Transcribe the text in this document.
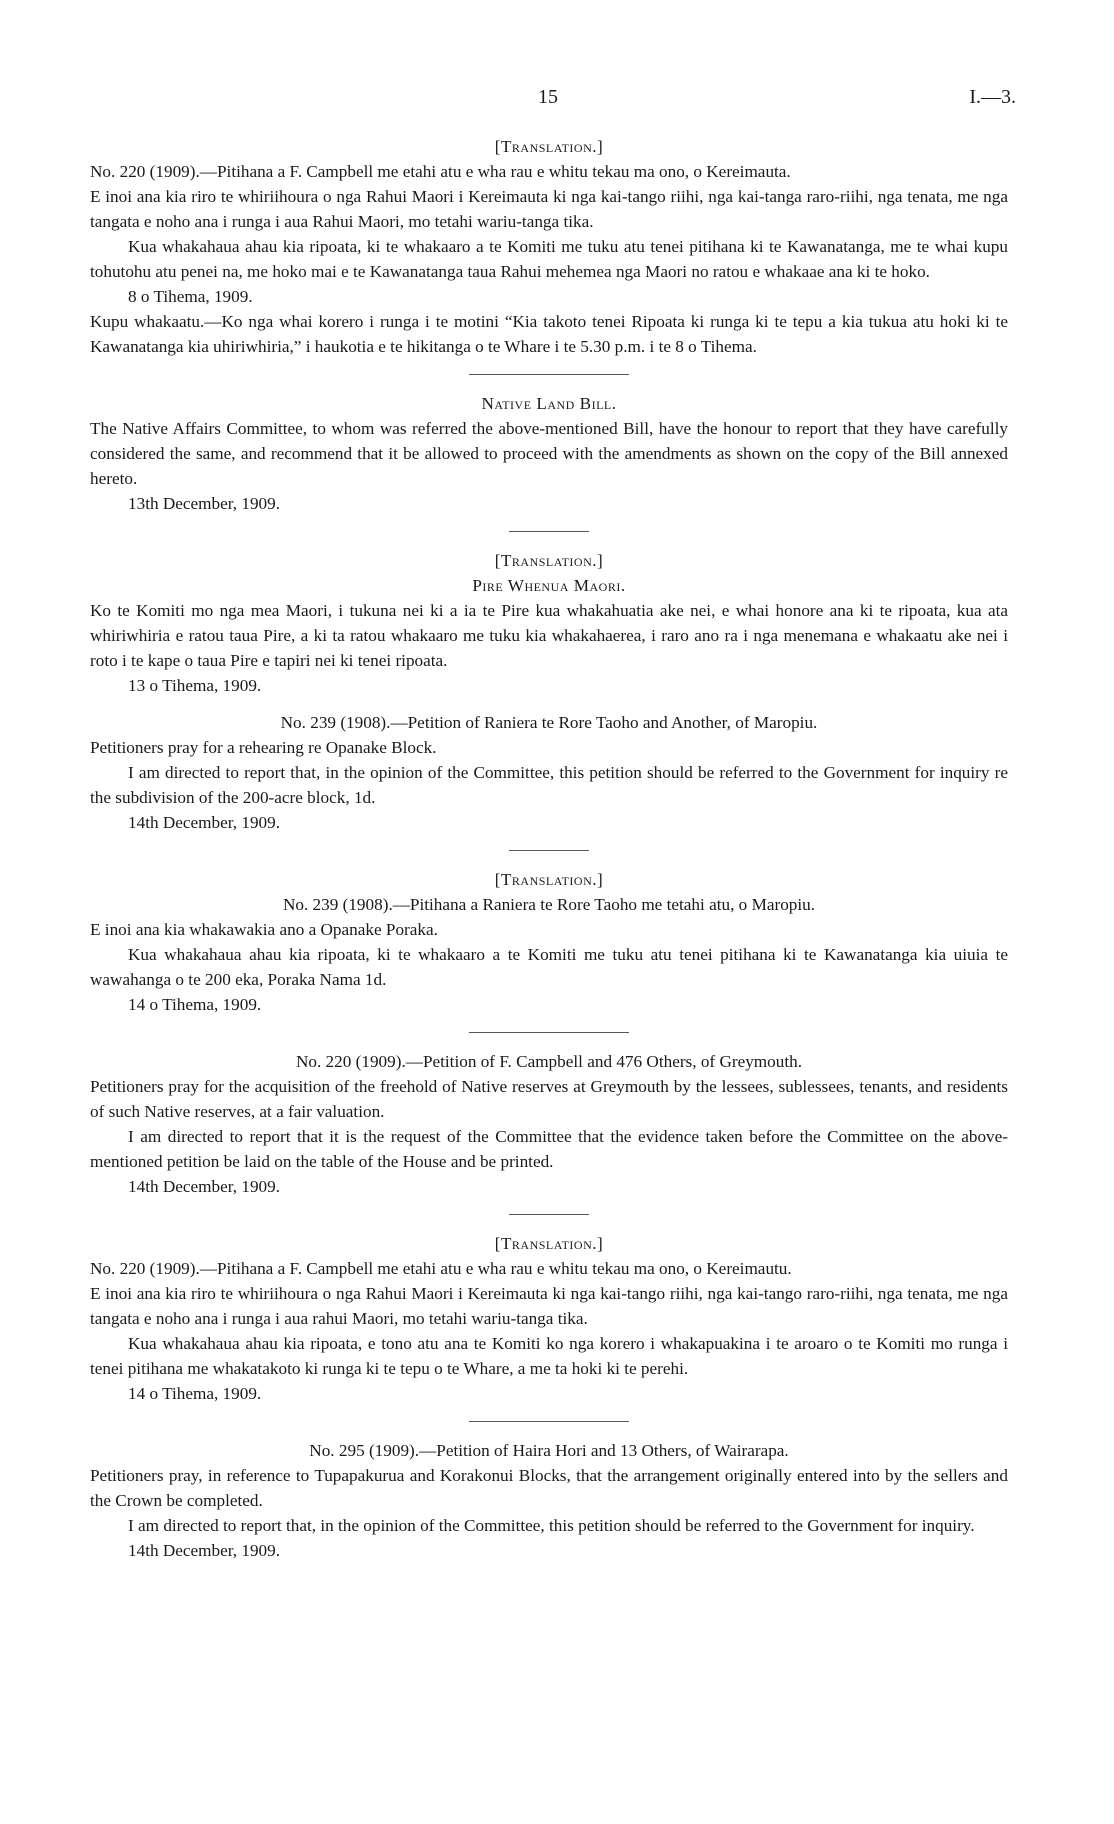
15	I.—3.

[Translation.]

No. 220 (1909).—Pitihana a F. Campbell me etahi atu e wha rau e whitu tekau ma ono, o Kereimauta.

E inoi ana kia riro te whiriihoura o nga Rahui Maori i Kereimauta ki nga kai-tango riihi, nga kai-tanga raro-riihi, nga tenata, me nga tangata e noho ana i runga i aua Rahui Maori, mo tetahi wariu-tanga tika.

Kua whakahaua ahau kia ripoata, ki te whakaaro a te Komiti me tuku atu tenei pitihana ki te Kawanatanga, me te whai kupu tohutohu atu penei na, me hoko mai e te Kawanatanga taua Rahui mehemea nga Maori no ratou e whakaae ana ki te hoko.

8 o Tihema, 1909.

Kupu whakaatu.—Ko nga whai korero i runga i te motini “Kia takoto tenei Ripoata ki runga ki te tepu a kia tukua atu hoki ki te Kawanatanga kia uhiriwhiria,” i haukotia e te hikitanga o te Whare i te 5.30 p.m. i te 8 o Tihema.

Native Land Bill.

The Native Affairs Committee, to whom was referred the above-mentioned Bill, have the honour to report that they have carefully considered the same, and recommend that it be allowed to proceed with the amendments as shown on the copy of the Bill annexed hereto.

13th December, 1909.

[Translation.]

Pire Whenua Maori.

Ko te Komiti mo nga mea Maori, i tukuna nei ki a ia te Pire kua whakahuatia ake nei, e whai honore ana ki te ripoata, kua ata whiriwhiria e ratou taua Pire, a ki ta ratou whakaaro me tuku kia whakahaerea, i raro ano ra i nga menemana e whakaatu ake nei i roto i te kape o taua Pire e tapiri nei ki tenei ripoata.

13 o Tihema, 1909.

No. 239 (1908).—Petition of Raniera te Rore Taoho and Another, of Maropiu.

Petitioners pray for a rehearing re Opanake Block.

I am directed to report that, in the opinion of the Committee, this petition should be referred to the Government for inquiry re the subdivision of the 200-acre block, 1d.

14th December, 1909.

[Translation.]

No. 239 (1908).—Pitihana a Raniera te Rore Taoho me tetahi atu, o Maropiu.

E inoi ana kia whakawakia ano a Opanake Poraka.

Kua whakahaua ahau kia ripoata, ki te whakaaro a te Komiti me tuku atu tenei pitihana ki te Kawanatanga kia uiuia te wawahanga o te 200 eka, Poraka Nama 1d.

14 o Tihema, 1909.

No. 220 (1909).—Petition of F. Campbell and 476 Others, of Greymouth.

Petitioners pray for the acquisition of the freehold of Native reserves at Greymouth by the lessees, sublessees, tenants, and residents of such Native reserves, at a fair valuation.

I am directed to report that it is the request of the Committee that the evidence taken before the Committee on the above-mentioned petition be laid on the table of the House and be printed.

14th December, 1909.

[Translation.]

No. 220 (1909).—Pitihana a F. Campbell me etahi atu e wha rau e whitu tekau ma ono, o Kereimautu.

E inoi ana kia riro te whiriihoura o nga Rahui Maori i Kereimauta ki nga kai-tango riihi, nga kai-tango raro-riihi, nga tenata, me nga tangata e noho ana i runga i aua rahui Maori, mo tetahi wariu-tanga tika.

Kua whakahaua ahau kia ripoata, e tono atu ana te Komiti ko nga korero i whakapuakina i te aroaro o te Komiti mo runga i tenei pitihana me whakatakoto ki runga ki te tepu o te Whare, a me ta hoki ki te perehi.

14 o Tihema, 1909.

No. 295 (1909).—Petition of Haira Hori and 13 Others, of Wairarapa.

Petitioners pray, in reference to Tupapakurua and Korakonui Blocks, that the arrangement originally entered into by the sellers and the Crown be completed.

I am directed to report that, in the opinion of the Committee, this petition should be referred to the Government for inquiry.

14th December, 1909.
